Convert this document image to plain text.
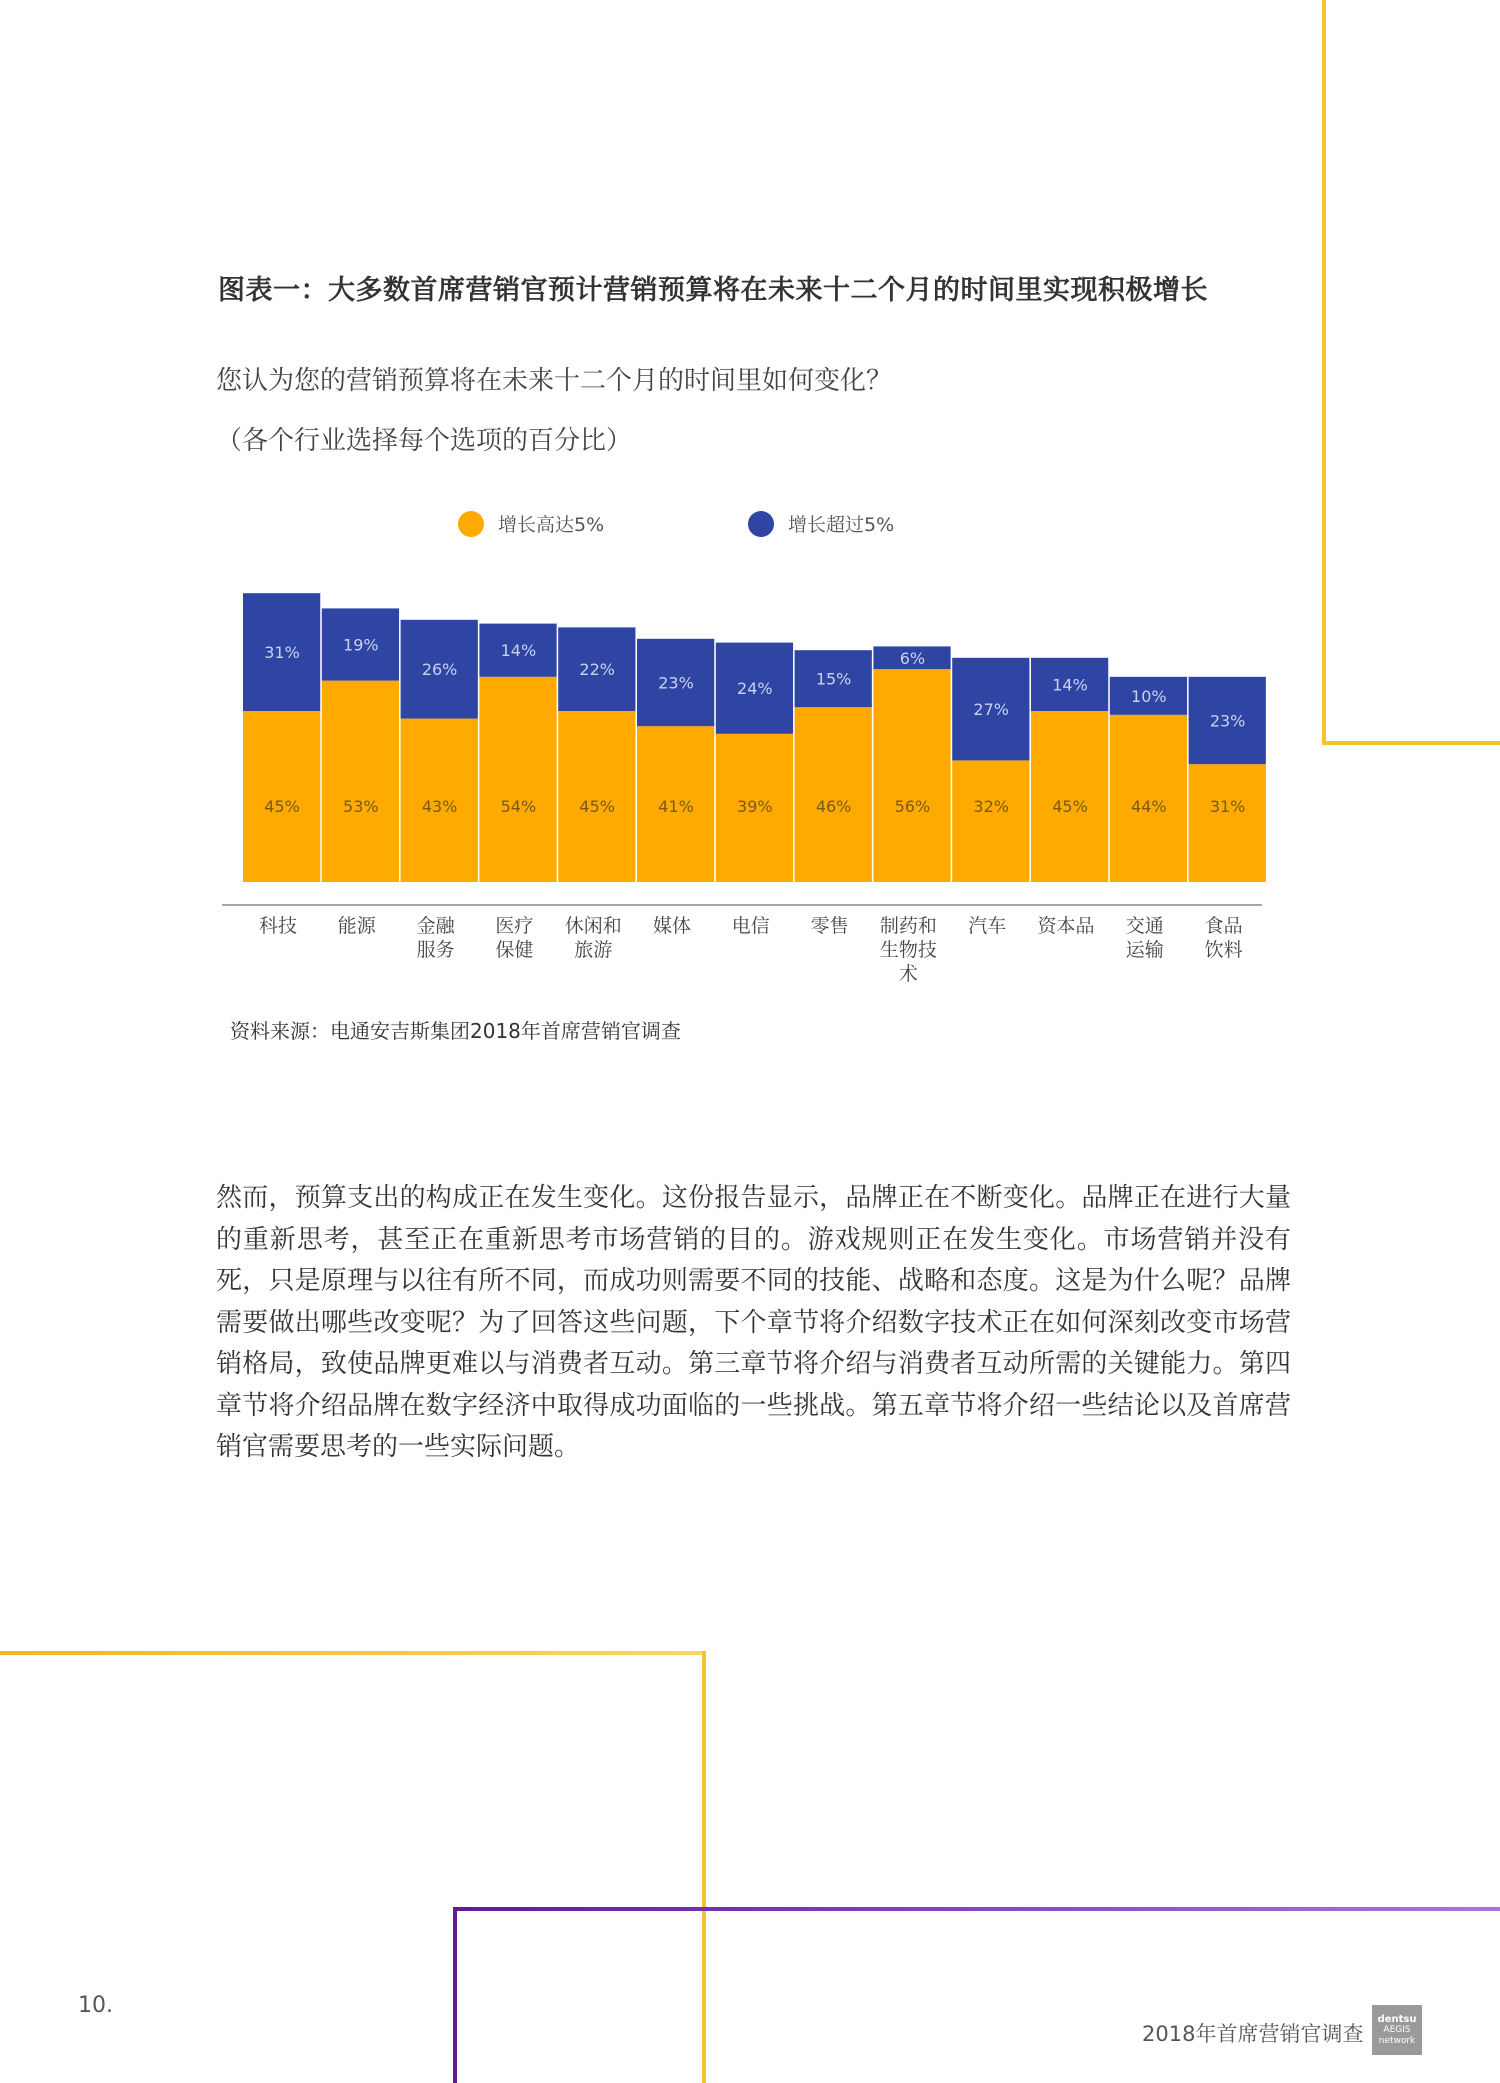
图表一：大多数首席营销官预计营销预算将在未来十二个月的时间里实现积极增长
您认为您的营销预算将在未来十二个月的时间里如何变化？
（各个行业选择每个选项的百分比）
增长高达5%	增长超过5%
45%
31%
科技
53%
19%
能源
43%
26%
金融
服务
54%
14%
医疗
保健
45%
22%
休闲和
旅游
41%
23%
媒体
39%
24%
电信
46%
15%
零售
56%
6%
制药和
生物技
术
32%
27%
汽车
45%
14%
资本品
44%
10%
交通
运输
31%
23%
食品
饮料
资料来源：电通安吉斯集团2018年首席营销官调查
然而，预算支出的构成正在发生变化。这份报告显示，品牌正在不断变化。品牌正在进行大量的重新思考，甚至正在重新思考市场营销的目的。游戏规则正在发生变化。市场营销并没有死，只是原理与以往有所不同，而成功则需要不同的技能、战略和态度。这是为什么呢？品牌需要做出哪些改变呢？为了回答这些问题，下个章节将介绍数字技术正在如何深刻改变市场营销格局，致使品牌更难以与消费者互动。第三章节将介绍与消费者互动所需的关键能力。第四章节将介绍品牌在数字经济中取得成功面临的一些挑战。第五章节将介绍一些结论以及首席营销官需要思考的一些实际问题。
10.
2018年首席营销官调查
dentsu
AEGIS
network
